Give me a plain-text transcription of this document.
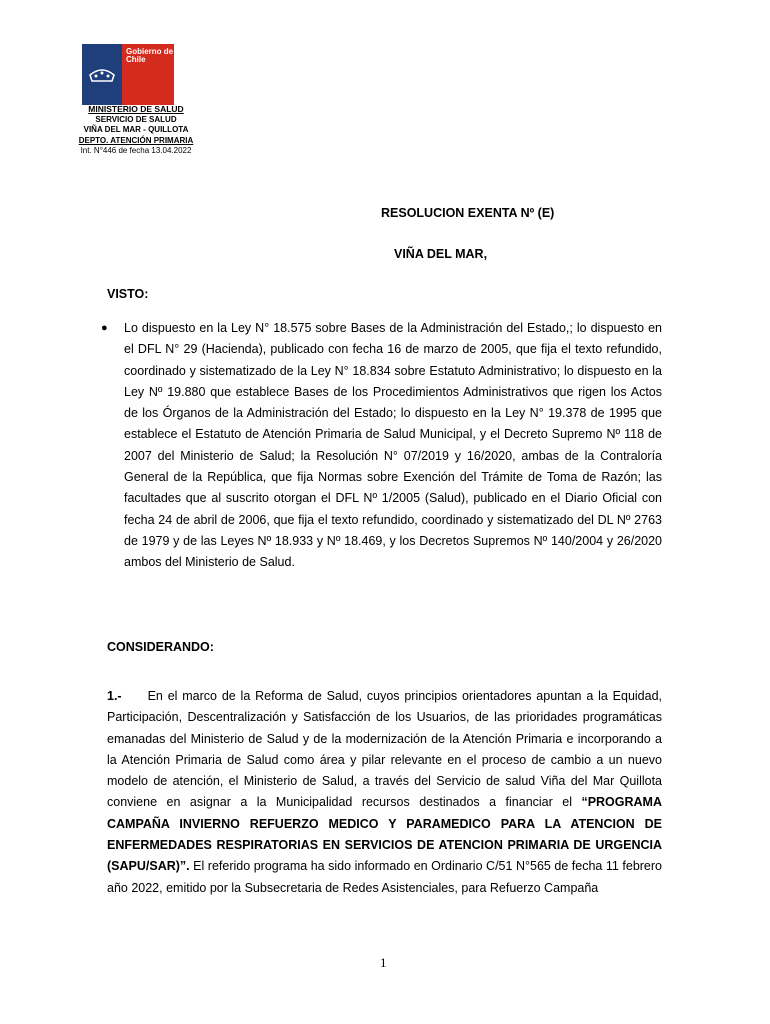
Gobierno de Chile
MINISTERIO DE SALUD
SERVICIO DE SALUD
VIÑA DEL MAR - QUILLOTA
DEPTO. ATENCIÓN PRIMARIA
Int. N°446 de fecha 13.04.2022
RESOLUCION EXENTA Nº (E)
VIÑA DEL MAR,
VISTO:
● Lo dispuesto en la Ley N° 18.575 sobre Bases de la Administración del Estado,; lo dispuesto en el DFL N° 29 (Hacienda), publicado con fecha 16 de marzo de 2005, que fija el texto refundido, coordinado y sistematizado de la Ley N° 18.834 sobre Estatuto Administrativo; lo dispuesto en la Ley Nº 19.880 que establece Bases de los Procedimientos Administrativos que rigen los Actos de los Órganos de la Administración del Estado; lo dispuesto en la Ley N° 19.378 de 1995 que establece el Estatuto de Atención Primaria de Salud Municipal, y el Decreto Supremo Nº 118 de 2007 del Ministerio de Salud; la Resolución N° 07/2019 y 16/2020, ambas de la Contraloría General de la República, que fija Normas sobre Exención del Trámite de Toma de Razón; las facultades que al suscrito otorgan el DFL Nº 1/2005 (Salud), publicado en el Diario Oficial con fecha 24 de abril de 2006, que fija el texto refundido, coordinado y sistematizado del DL Nº 2763 de 1979 y de las Leyes Nº 18.933 y Nº 18.469, y los Decretos Supremos Nº 140/2004 y 26/2020 ambos del Ministerio de Salud.
CONSIDERANDO:
1.- En el marco de la Reforma de Salud, cuyos principios orientadores apuntan a la Equidad, Participación, Descentralización y Satisfacción de los Usuarios, de las prioridades programáticas emanadas del Ministerio de Salud y de la modernización de la Atención Primaria e incorporando a la Atención Primaria de Salud como área y pilar relevante en el proceso de cambio a un nuevo modelo de atención, el Ministerio de Salud, a través del Servicio de salud Viña del Mar Quillota conviene en asignar a la Municipalidad recursos destinados a financiar el “PROGRAMA CAMPAÑA INVIERNO REFUERZO MEDICO Y PARAMEDICO PARA LA ATENCION DE ENFERMEDADES RESPIRATORIAS EN SERVICIOS DE ATENCION PRIMARIA DE URGENCIA (SAPU/SAR)”. El referido programa ha sido informado en Ordinario C/51 N°565 de fecha 11 febrero año 2022, emitido por la Subsecretaria de Redes Asistenciales, para Refuerzo Campaña
1
